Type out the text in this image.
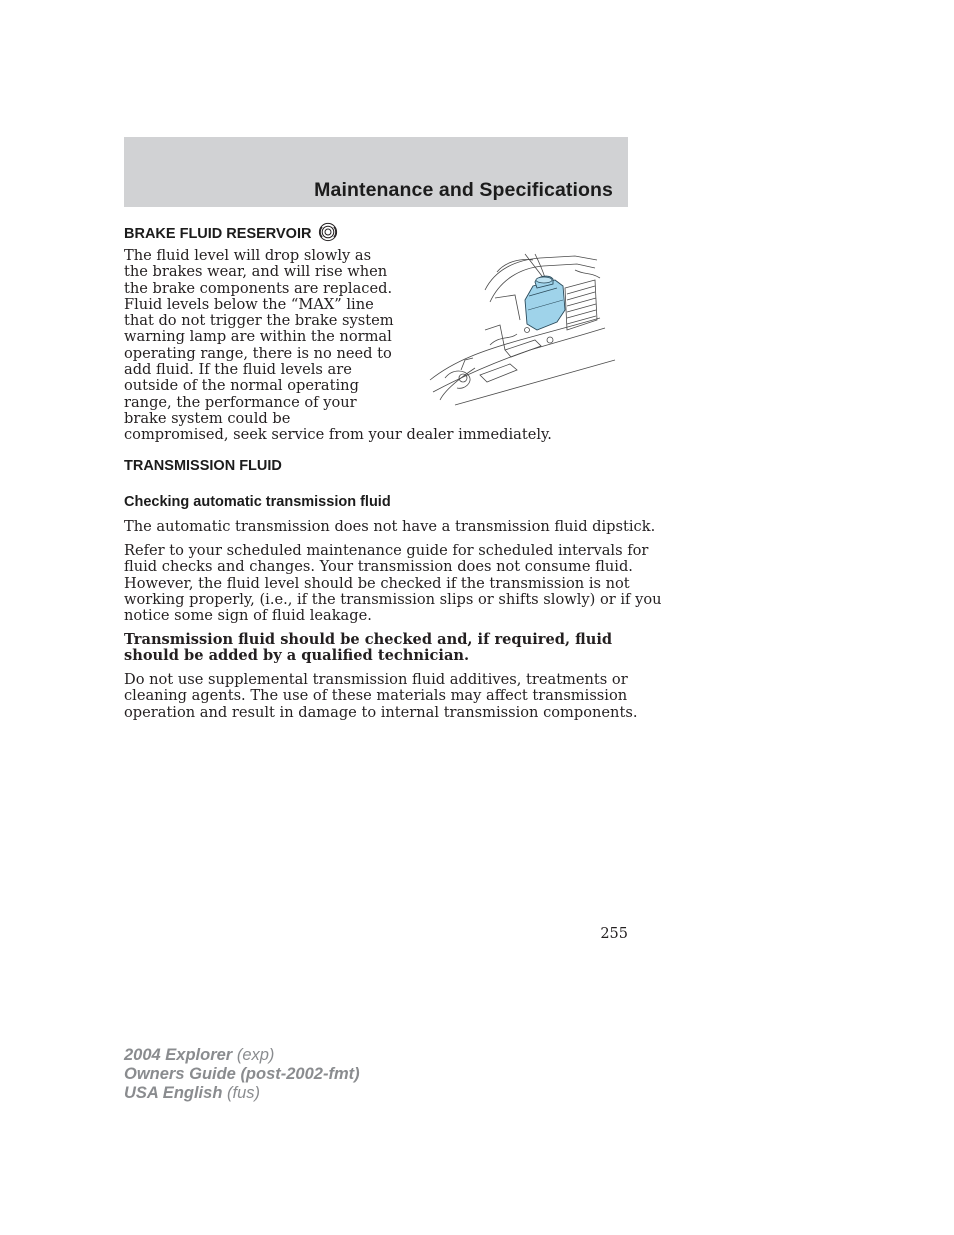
Maintenance and Specifications
BRAKE FLUID RESERVOIR
The fluid level will drop slowly as
the brakes wear, and will rise when
the brake components are replaced.
Fluid levels below the “MAX” line
that do not trigger the brake system
warning lamp are within the normal
operating range, there is no need to
add fluid. If the fluid levels are
outside of the normal operating
range, the performance of your
brake system could be
compromised, seek service from your dealer immediately.
TRANSMISSION FLUID
Checking automatic transmission fluid

The automatic transmission does not have a transmission fluid dipstick.

Refer to your scheduled maintenance guide for scheduled intervals for
fluid checks and changes. Your transmission does not consume fluid.
However, the fluid level should be checked if the transmission is not
working properly, (i.e., if the transmission slips or shifts slowly) or if you
notice some sign of fluid leakage.
Transmission fluid should be checked and, if required, fluid
should be added by a qualified technician.
Do not use supplemental transmission fluid additives, treatments or
cleaning agents. The use of these materials may affect transmission
operation and result in damage to internal transmission components.

255

2004 Explorer (exp)
Owners Guide (post-2002-fmt)
USA English (fus)
